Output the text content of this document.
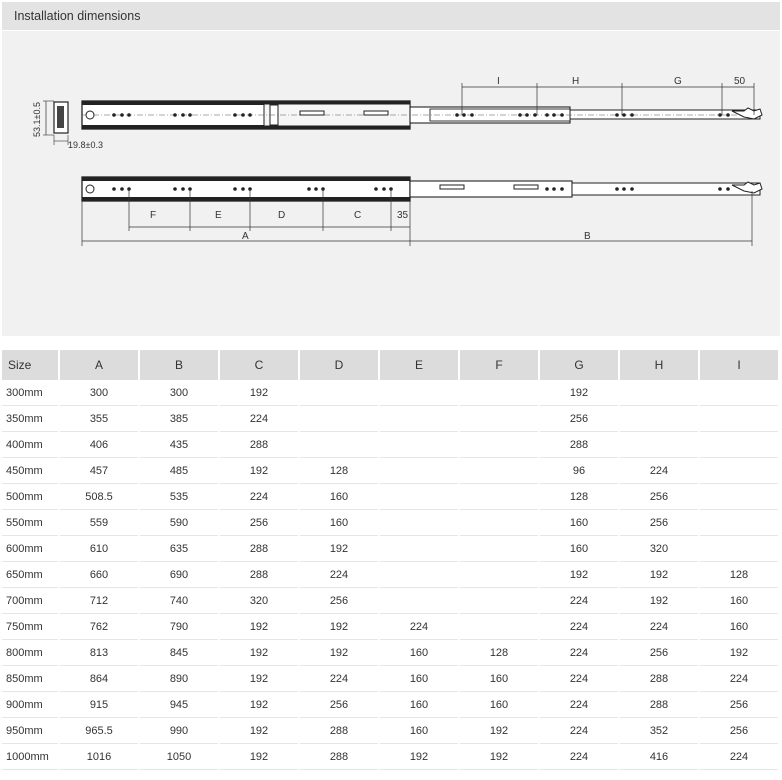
Installation dimensions
53.1±0.5
19.8±0.3
I	H	G	50
F	E	D	C	35
A	B
Size	A	B	C	D	E	F	G	H	I
300mm	300	300	192				192		
350mm	355	385	224				256		
400mm	406	435	288				288		
450mm	457	485	192	128			96	224	
500mm	508.5	535	224	160			128	256	
550mm	559	590	256	160			160	256	
600mm	610	635	288	192			160	320	
650mm	660	690	288	224			192	192	128
700mm	712	740	320	256			224	192	160
750mm	762	790	192	192	224		224	224	160
800mm	813	845	192	192	160	128	224	256	192
850mm	864	890	192	224	160	160	224	288	224
900mm	915	945	192	256	160	160	224	288	256
950mm	965.5	990	192	288	160	192	224	352	256
1000mm	1016	1050	192	288	192	192	224	416	224
